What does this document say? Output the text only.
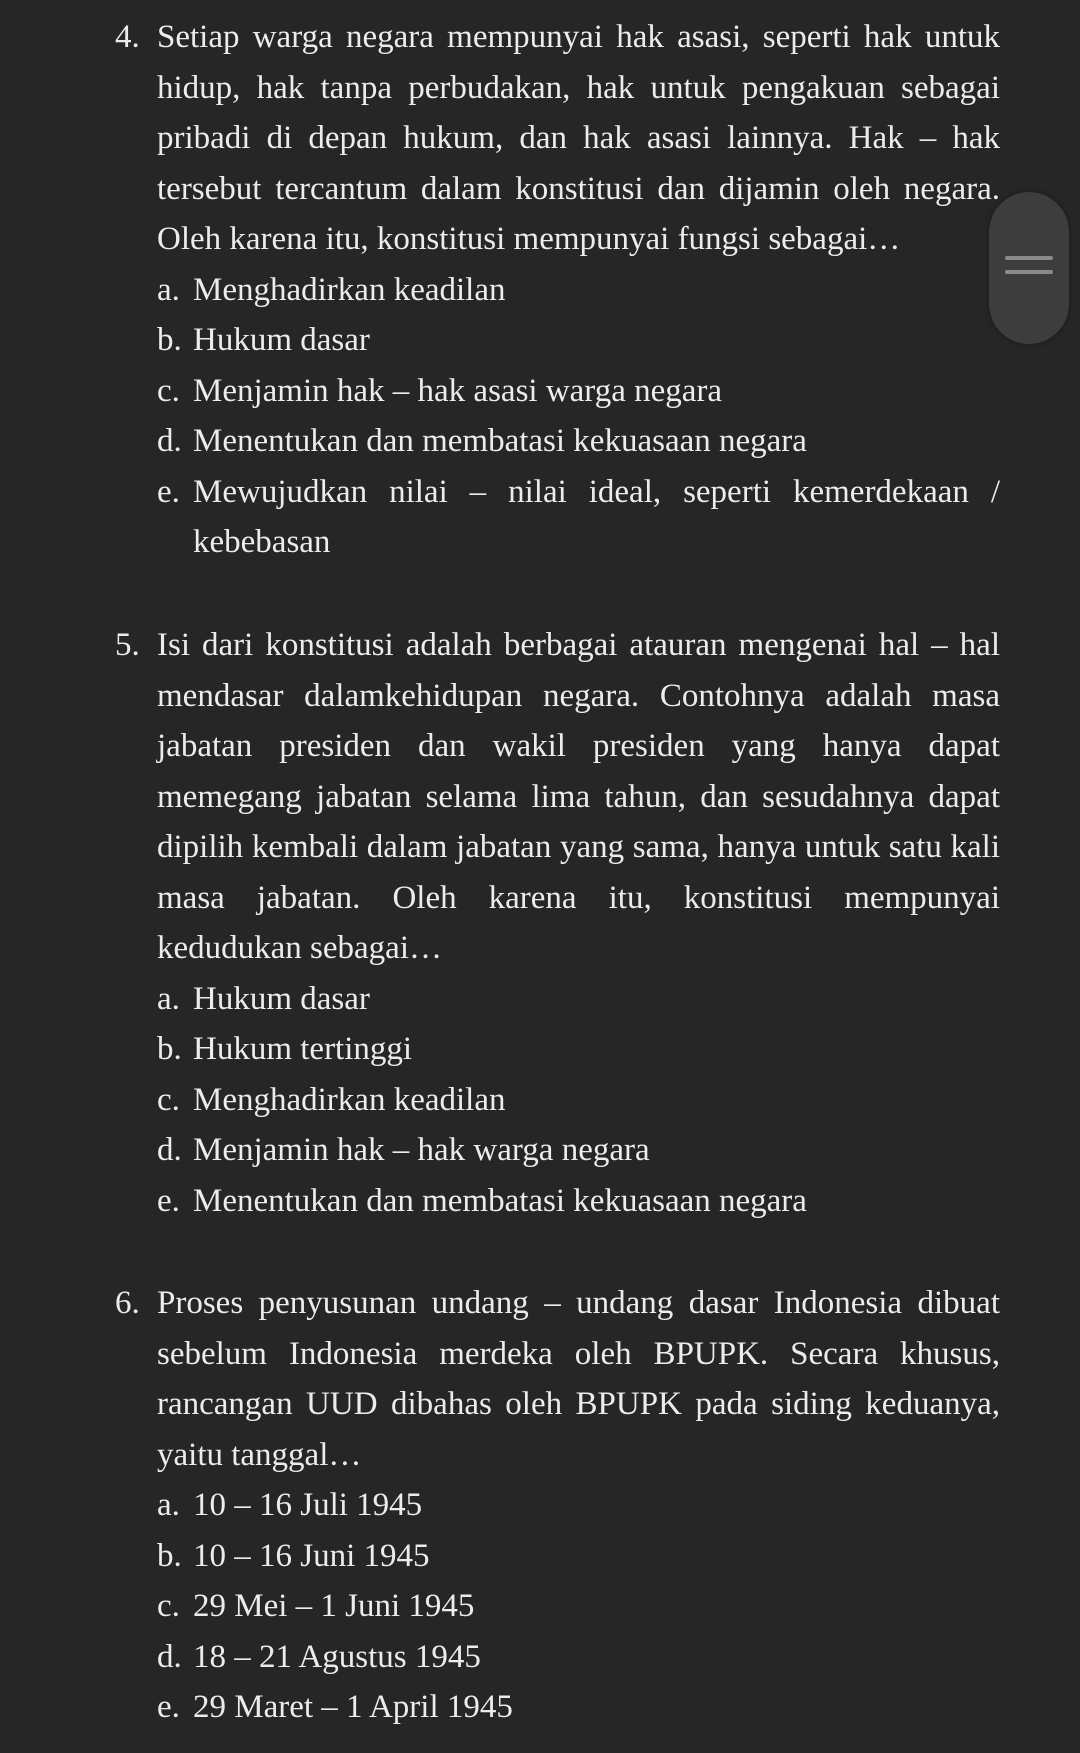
4. Setiap warga negara mempunyai hak asasi, seperti hak untuk hidup, hak tanpa perbudakan, hak untuk pengakuan sebagai pribadi di depan hukum, dan hak asasi lainnya. Hak – hak tersebut tercantum dalam konstitusi dan dijamin oleh negara. Oleh karena itu, konstitusi mempunyai fungsi sebagai…
a. Menghadirkan keadilan
b. Hukum dasar
c. Menjamin hak – hak asasi warga negara
d. Menentukan dan membatasi kekuasaan negara
e. Mewujudkan nilai – nilai ideal, seperti kemerdekaan / kebebasan
5. Isi dari konstitusi adalah berbagai atauran mengenai hal – hal mendasar dalamkehidupan negara. Contohnya adalah masa jabatan presiden dan wakil presiden yang hanya dapat memegang jabatan selama lima tahun, dan sesudahnya dapat dipilih kembali dalam jabatan yang sama, hanya untuk satu kali masa jabatan. Oleh karena itu, konstitusi mempunyai kedudukan sebagai…
a. Hukum dasar
b. Hukum tertinggi
c. Menghadirkan keadilan
d. Menjamin hak – hak warga negara
e. Menentukan dan membatasi kekuasaan negara
6. Proses penyusunan undang – undang dasar Indonesia dibuat sebelum Indonesia merdeka oleh BPUPK. Secara khusus, rancangan UUD dibahas oleh BPUPK pada siding keduanya, yaitu tanggal…
a. 10 – 16 Juli 1945
b. 10 – 16 Juni 1945
c. 29 Mei – 1 Juni 1945
d. 18 – 21 Agustus 1945
e. 29 Maret – 1 April 1945
